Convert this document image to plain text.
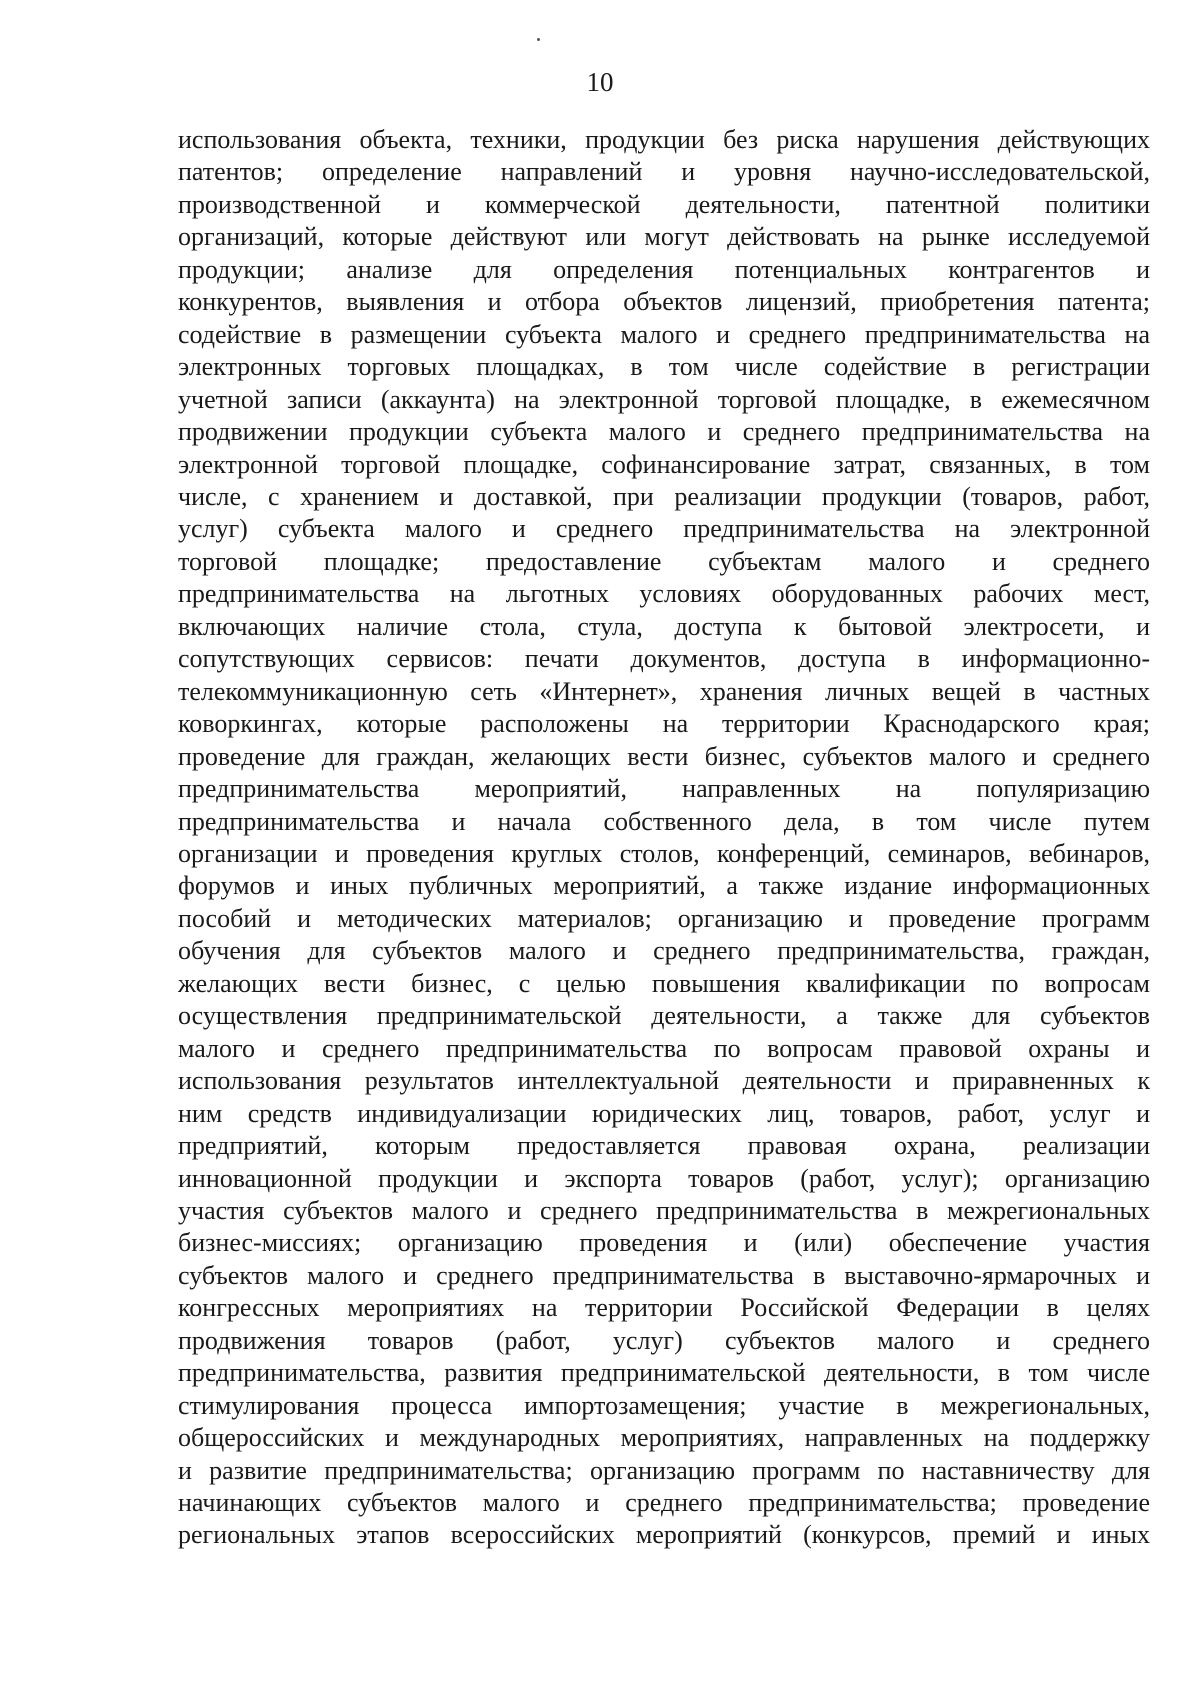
10
использования объекта, техники, продукции без риска нарушения действующих
патентов; определение направлений и уровня научно-исследовательской,
производственной и коммерческой деятельности, патентной политики
организаций, которые действуют или могут действовать на рынке исследуемой
продукции; анализе для определения потенциальных контрагентов и
конкурентов, выявления и отбора объектов лицензий, приобретения патента;
содействие в размещении субъекта малого и среднего предпринимательства на
электронных торговых площадках, в том числе содействие в регистрации
учетной записи (аккаунта) на электронной торговой площадке, в ежемесячном
продвижении продукции субъекта малого и среднего предпринимательства на
электронной торговой площадке, софинансирование затрат, связанных, в том
числе, с хранением и доставкой, при реализации продукции (товаров, работ,
услуг) субъекта малого и среднего предпринимательства на электронной
торговой площадке; предоставление субъектам малого и среднего
предпринимательства на льготных условиях оборудованных рабочих мест,
включающих наличие стола, стула, доступа к бытовой электросети, и
сопутствующих сервисов: печати документов, доступа в информационно-
телекоммуникационную сеть «Интернет», хранения личных вещей в частных
коворкингах, которые расположены на территории Краснодарского края;
проведение для граждан, желающих вести бизнес, субъектов малого и среднего
предпринимательства мероприятий, направленных на популяризацию
предпринимательства и начала собственного дела, в том числе путем
организации и проведения круглых столов, конференций, семинаров, вебинаров,
форумов и иных публичных мероприятий, а также издание информационных
пособий и методических материалов; организацию и проведение программ
обучения для субъектов малого и среднего предпринимательства, граждан,
желающих вести бизнес, с целью повышения квалификации по вопросам
осуществления предпринимательской деятельности, а также для субъектов
малого и среднего предпринимательства по вопросам правовой охраны и
использования результатов интеллектуальной деятельности и приравненных к
ним средств индивидуализации юридических лиц, товаров, работ, услуг и
предприятий, которым предоставляется правовая охрана, реализации
инновационной продукции и экспорта товаров (работ, услуг); организацию
участия субъектов малого и среднего предпринимательства в межрегиональных
бизнес-миссиях; организацию проведения и (или) обеспечение участия
субъектов малого и среднего предпринимательства в выставочно-ярмарочных и
конгрессных мероприятиях на территории Российской Федерации в целях
продвижения товаров (работ, услуг) субъектов малого и среднего
предпринимательства, развития предпринимательской деятельности, в том числе
стимулирования процесса импортозамещения; участие в межрегиональных,
общероссийских и международных мероприятиях, направленных на поддержку
и развитие предпринимательства; организацию программ по наставничеству для
начинающих субъектов малого и среднего предпринимательства; проведение
региональных этапов всероссийских мероприятий (конкурсов, премий и иных
